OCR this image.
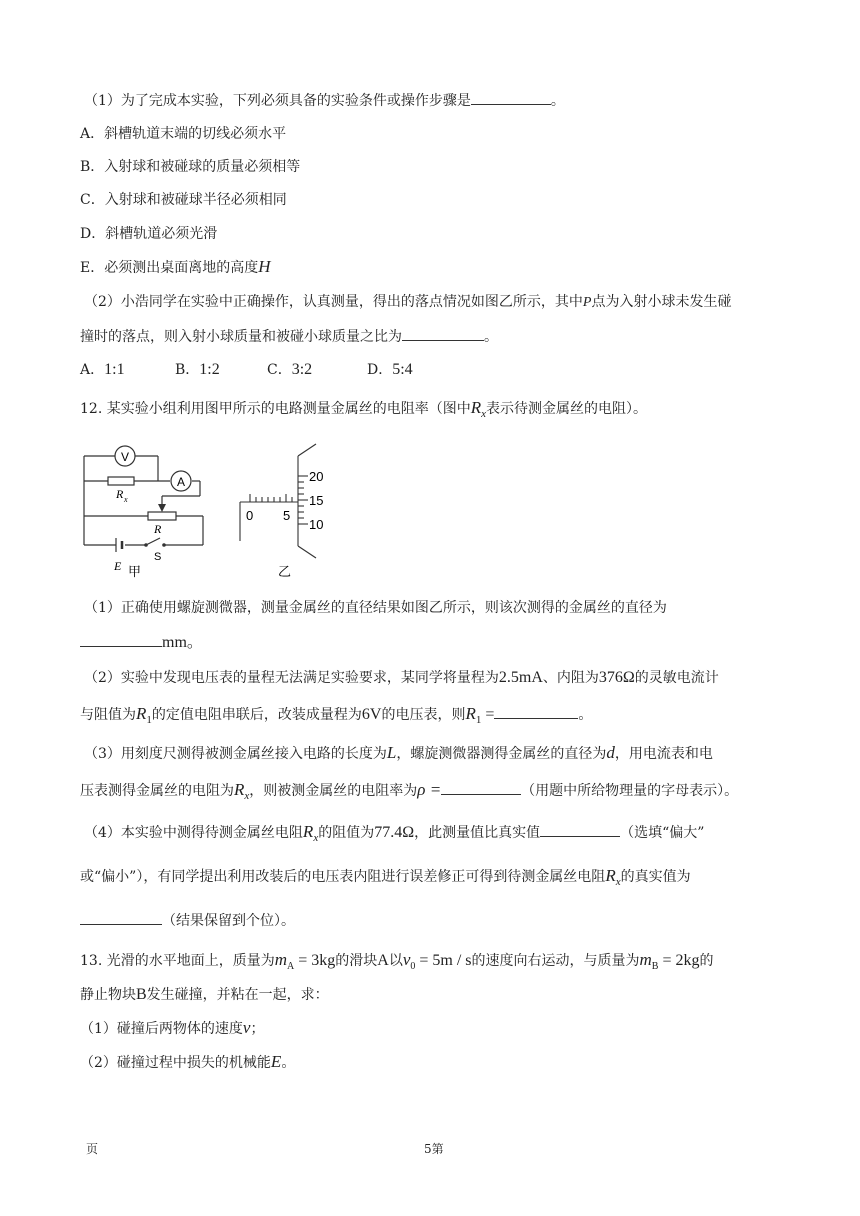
（1）为了完成本实验，下列必须具备的实验条件或操作步骤是	。
A．斜槽轨道末端的切线必须水平
B．入射球和被碰球的质量必须相等
C．入射球和被碰球半径必须相同
D．斜槽轨道必须光滑
E．必须测出桌面离地的高度H
（2）小浩同学在实验中正确操作，认真测量，得出的落点情况如图乙所示，其中P点为入射小球未发生碰
撞时的落点，则入射小球质量和被碰小球质量之比为	。
A．1:1	B．1:2	C．3:2	D．5:4
12. 某实验小组利用图甲所示的电路测量金属丝的电阻率（图中$R_x$表示待测金属丝的电阻）。
V
R x
A
R
E
S
甲
20
15
10
0 5
乙
（1）正确使用螺旋测微器，测量金属丝的直径结果如图乙所示，则该次测得的金属丝的直径为
mm。
（2）实验中发现电压表的量程无法满足实验要求，某同学将量程为2.5mA、内阻为376Ω的灵敏电流计
与阻值为$R_1$的定值电阻串联后，改装成量程为6V的电压表，则$R_1$ =	。
（3）用刻度尺测得被测金属丝接入电路的长度为L，螺旋测微器测得金属丝的直径为d，用电流表和电
压表测得金属丝的电阻为$R_x$，则被测金属丝的电阻率为ρ =	（用题中所给物理量的字母表示）。
（4）本实验中测得待测金属丝电阻$R_x$的阻值为77.4Ω，此测量值比真实值	（选填“偏大”
或“偏小”），有同学提出利用改装后的电压表内阻进行误差修正可得到待测金属丝电阻$R_x$的真实值为
（结果保留到个位）。
13. 光滑的水平地面上，质量为$m_A = 3kg$的滑块A以$v_0 = 5m / s$的速度向右运动，与质量为$m_B = 2kg$的
静止物块B发生碰撞，并粘在一起，求：
（1）碰撞后两物体的速度v；
（2）碰撞过程中损失的机械能E。
页	5第
